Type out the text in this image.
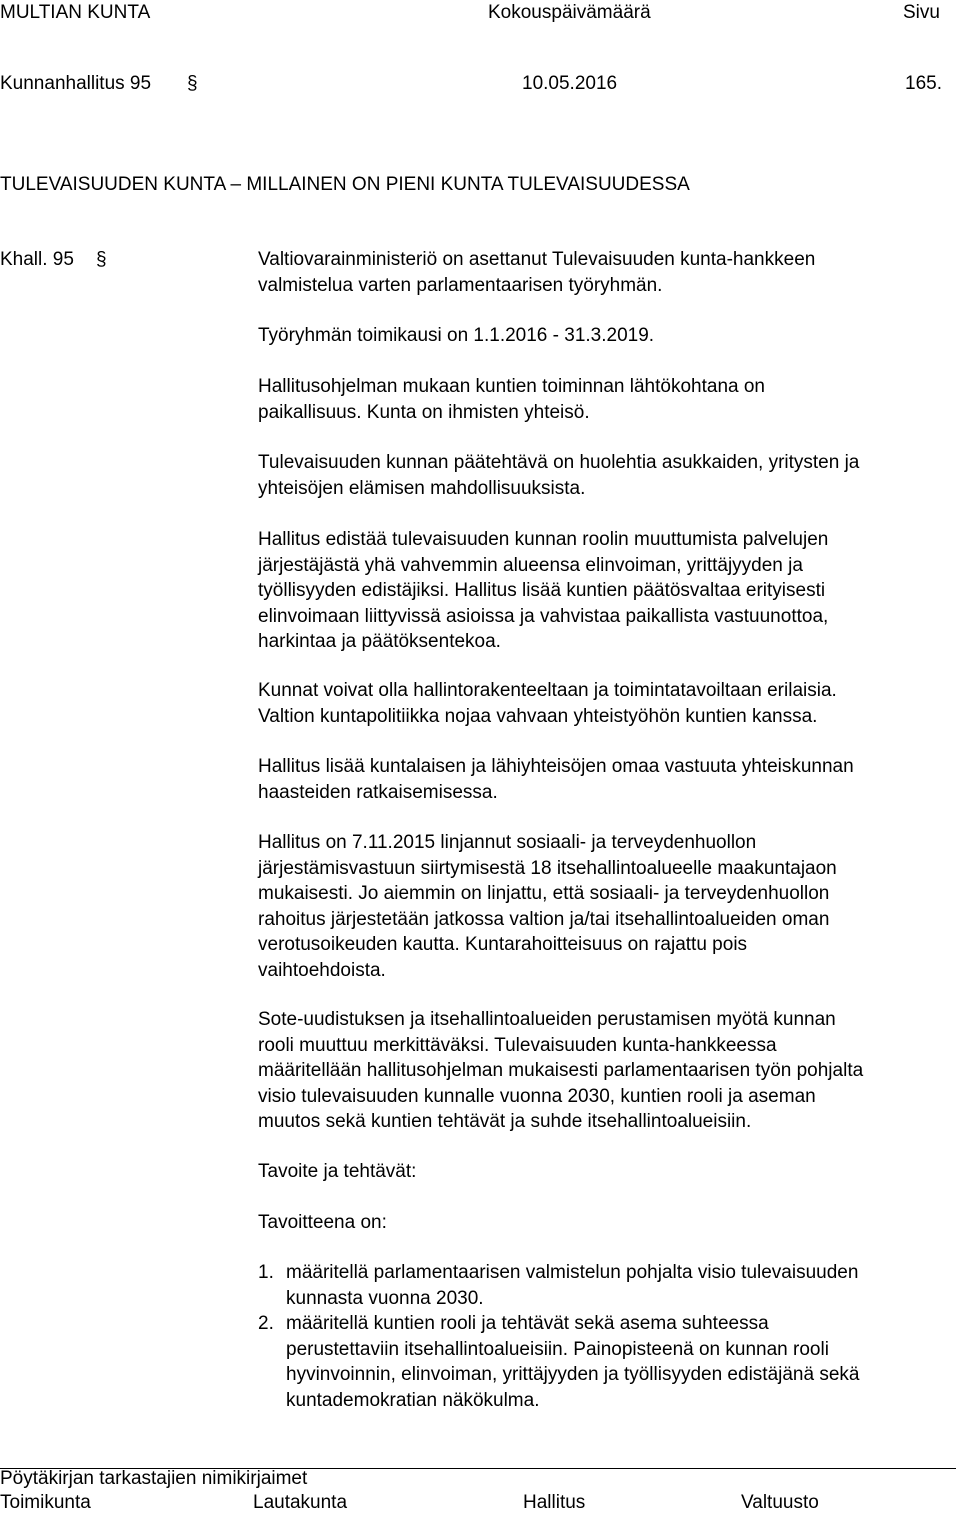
MULTIAN KUNTA	Kokouspäivämäärä	Sivu
Kunnanhallitus 95 §	10.05.2016	165.
TULEVAISUUDEN KUNTA – MILLAINEN ON PIENI KUNTA TULEVAISUUDESSA
Khall. 95 §	Valtiovarainministeriö on asettanut Tulevaisuuden kunta-hankkeen
valmistelua varten parlamentaarisen työryhmän.
Työryhmän toimikausi on 1.1.2016 - 31.3.2019.
Hallitusohjelman mukaan kuntien toiminnan lähtökohtana on
paikallisuus. Kunta on ihmisten yhteisö.
Tulevaisuuden kunnan päätehtävä on huolehtia asukkaiden, yritysten ja
yhteisöjen elämisen mahdollisuuksista.
Hallitus edistää tulevaisuuden kunnan roolin muuttumista palvelujen
järjestäjästä yhä vahvemmin alueensa elinvoiman, yrittäjyyden ja
työllisyyden edistäjiksi. Hallitus lisää kuntien päätösvaltaa erityisesti
elinvoimaan liittyvissä asioissa ja vahvistaa paikallista vastuunottoa,
harkintaa ja päätöksentekoa.
Kunnat voivat olla hallintorakenteeltaan ja toimintatavoiltaan erilaisia.
Valtion kuntapolitiikka nojaa vahvaan yhteistyöhön kuntien kanssa.
Hallitus lisää kuntalaisen ja lähiyhteisöjen omaa vastuuta yhteiskunnan
haasteiden ratkaisemisessa.
Hallitus on 7.11.2015 linjannut sosiaali- ja terveydenhuollon
järjestämisvastuun siirtymisestä 18 itsehallintoalueelle maakuntajaon
mukaisesti. Jo aiemmin on linjattu, että sosiaali- ja terveydenhuollon
rahoitus järjestetään jatkossa valtion ja/tai itsehallintoalueiden oman
verotusoikeuden kautta. Kuntarahoitteisuus on rajattu pois
vaihtoehdoista.
Sote-uudistuksen ja itsehallintoalueiden perustamisen myötä kunnan
rooli muuttuu merkittäväksi. Tulevaisuuden kunta-hankkeessa
määritellään hallitusohjelman mukaisesti parlamentaarisen työn pohjalta
visio tulevaisuuden kunnalle vuonna 2030, kuntien rooli ja aseman
muutos sekä kuntien tehtävät ja suhde itsehallintoalueisiin.
Tavoite ja tehtävät:
Tavoitteena on:
1. määritellä parlamentaarisen valmistelun pohjalta visio tulevaisuuden
kunnasta vuonna 2030.
2. määritellä kuntien rooli ja tehtävät sekä asema suhteessa
perustettaviin itsehallintoalueisiin. Painopisteenä on kunnan rooli
hyvinvoinnin, elinvoiman, yrittäjyyden ja työllisyyden edistäjänä sekä
kuntademokratian näkökulma.
Pöytäkirjan tarkastajien nimikirjaimet
Toimikunta	Lautakunta	Hallitus	Valtuusto
